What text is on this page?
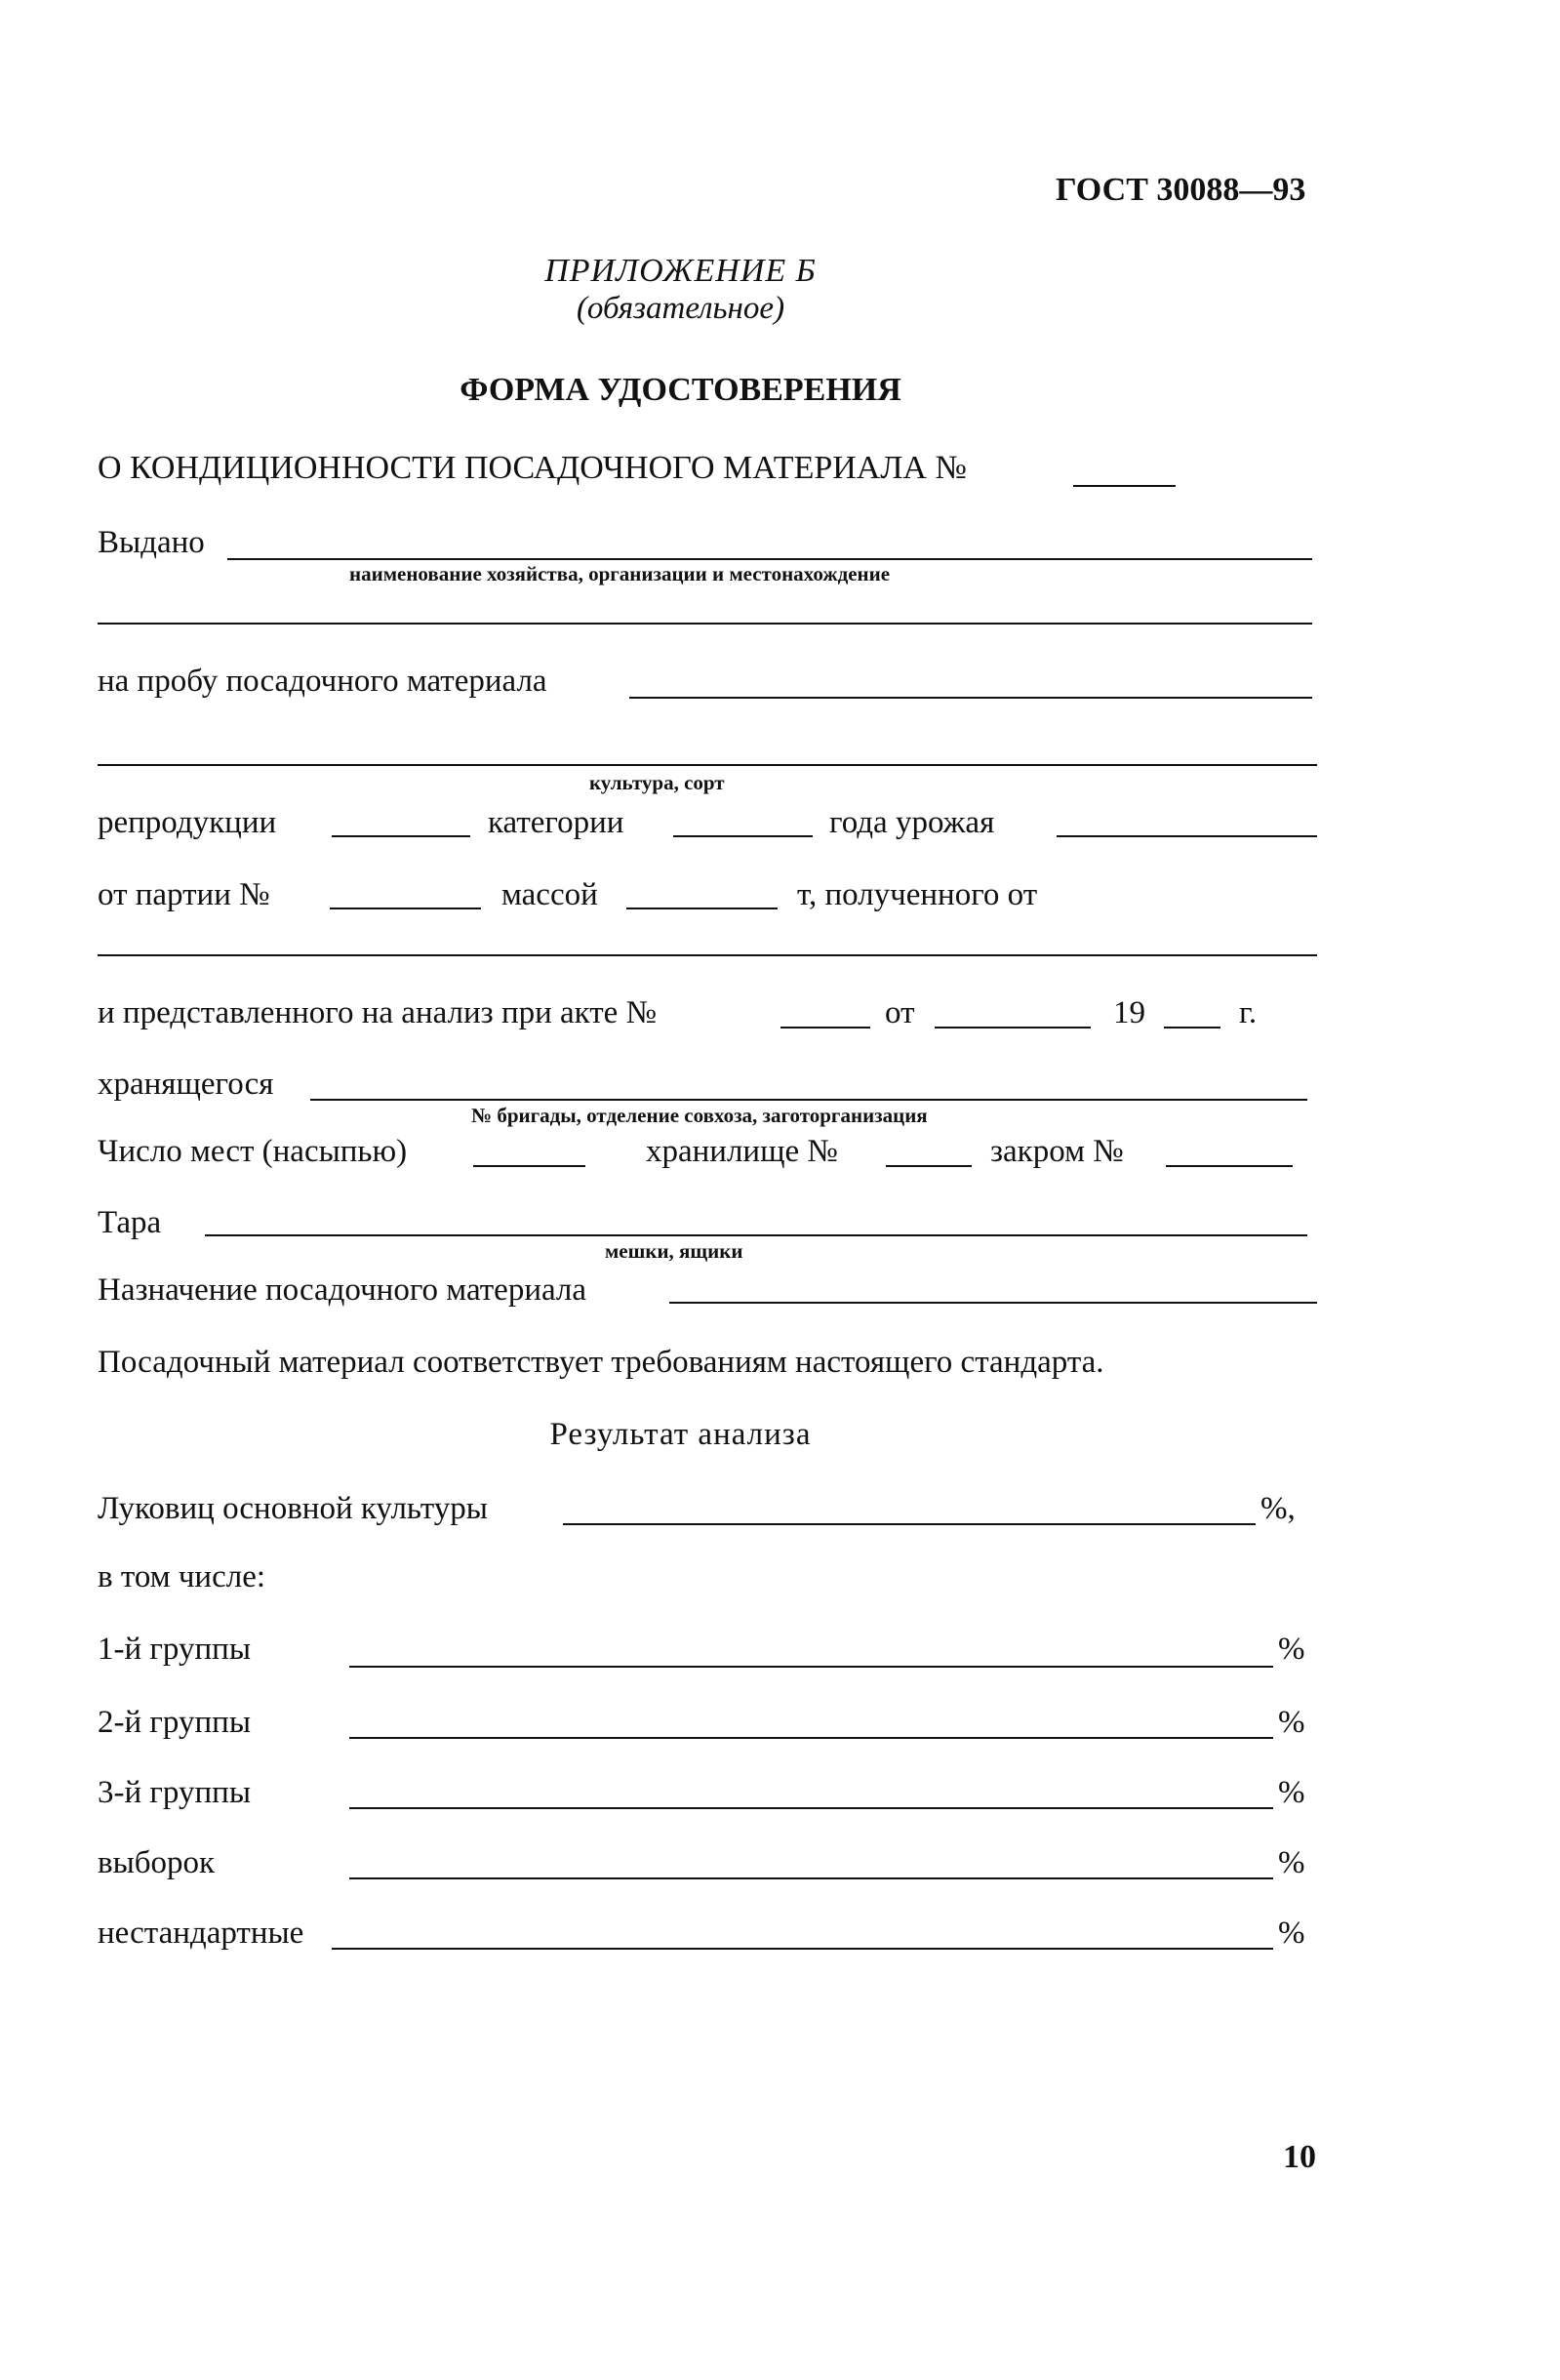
ГОСТ 30088—93
ПРИЛОЖЕНИЕ Б
(обязательное)
ФОРМА УДОСТОВЕРЕНИЯ
О КОНДИЦИОННОСТИ ПОСАДОЧНОГО МАТЕРИАЛА №
Выдано
наименование хозяйства, организации и местонахождение
на пробу посадочного материала
культура, сорт
репродукции	категории	года урожая
от партии №	массой	т, полученного от
и представленного на анализ при акте №	от	19	г.
хранящегося
№ бригады, отделение совхоза, заготорганизация
Число мест (насыпью)	хранилище №	закром №
Тара
мешки, ящики
Назначение посадочного материала
Посадочный материал соответствует требованиям настоящего стандарта.
Результат анализа
Луковиц основной культуры	%,
в том числе:
1-й группы	%
2-й группы	%
3-й группы	%
выборок	%
нестандартные	%
10
